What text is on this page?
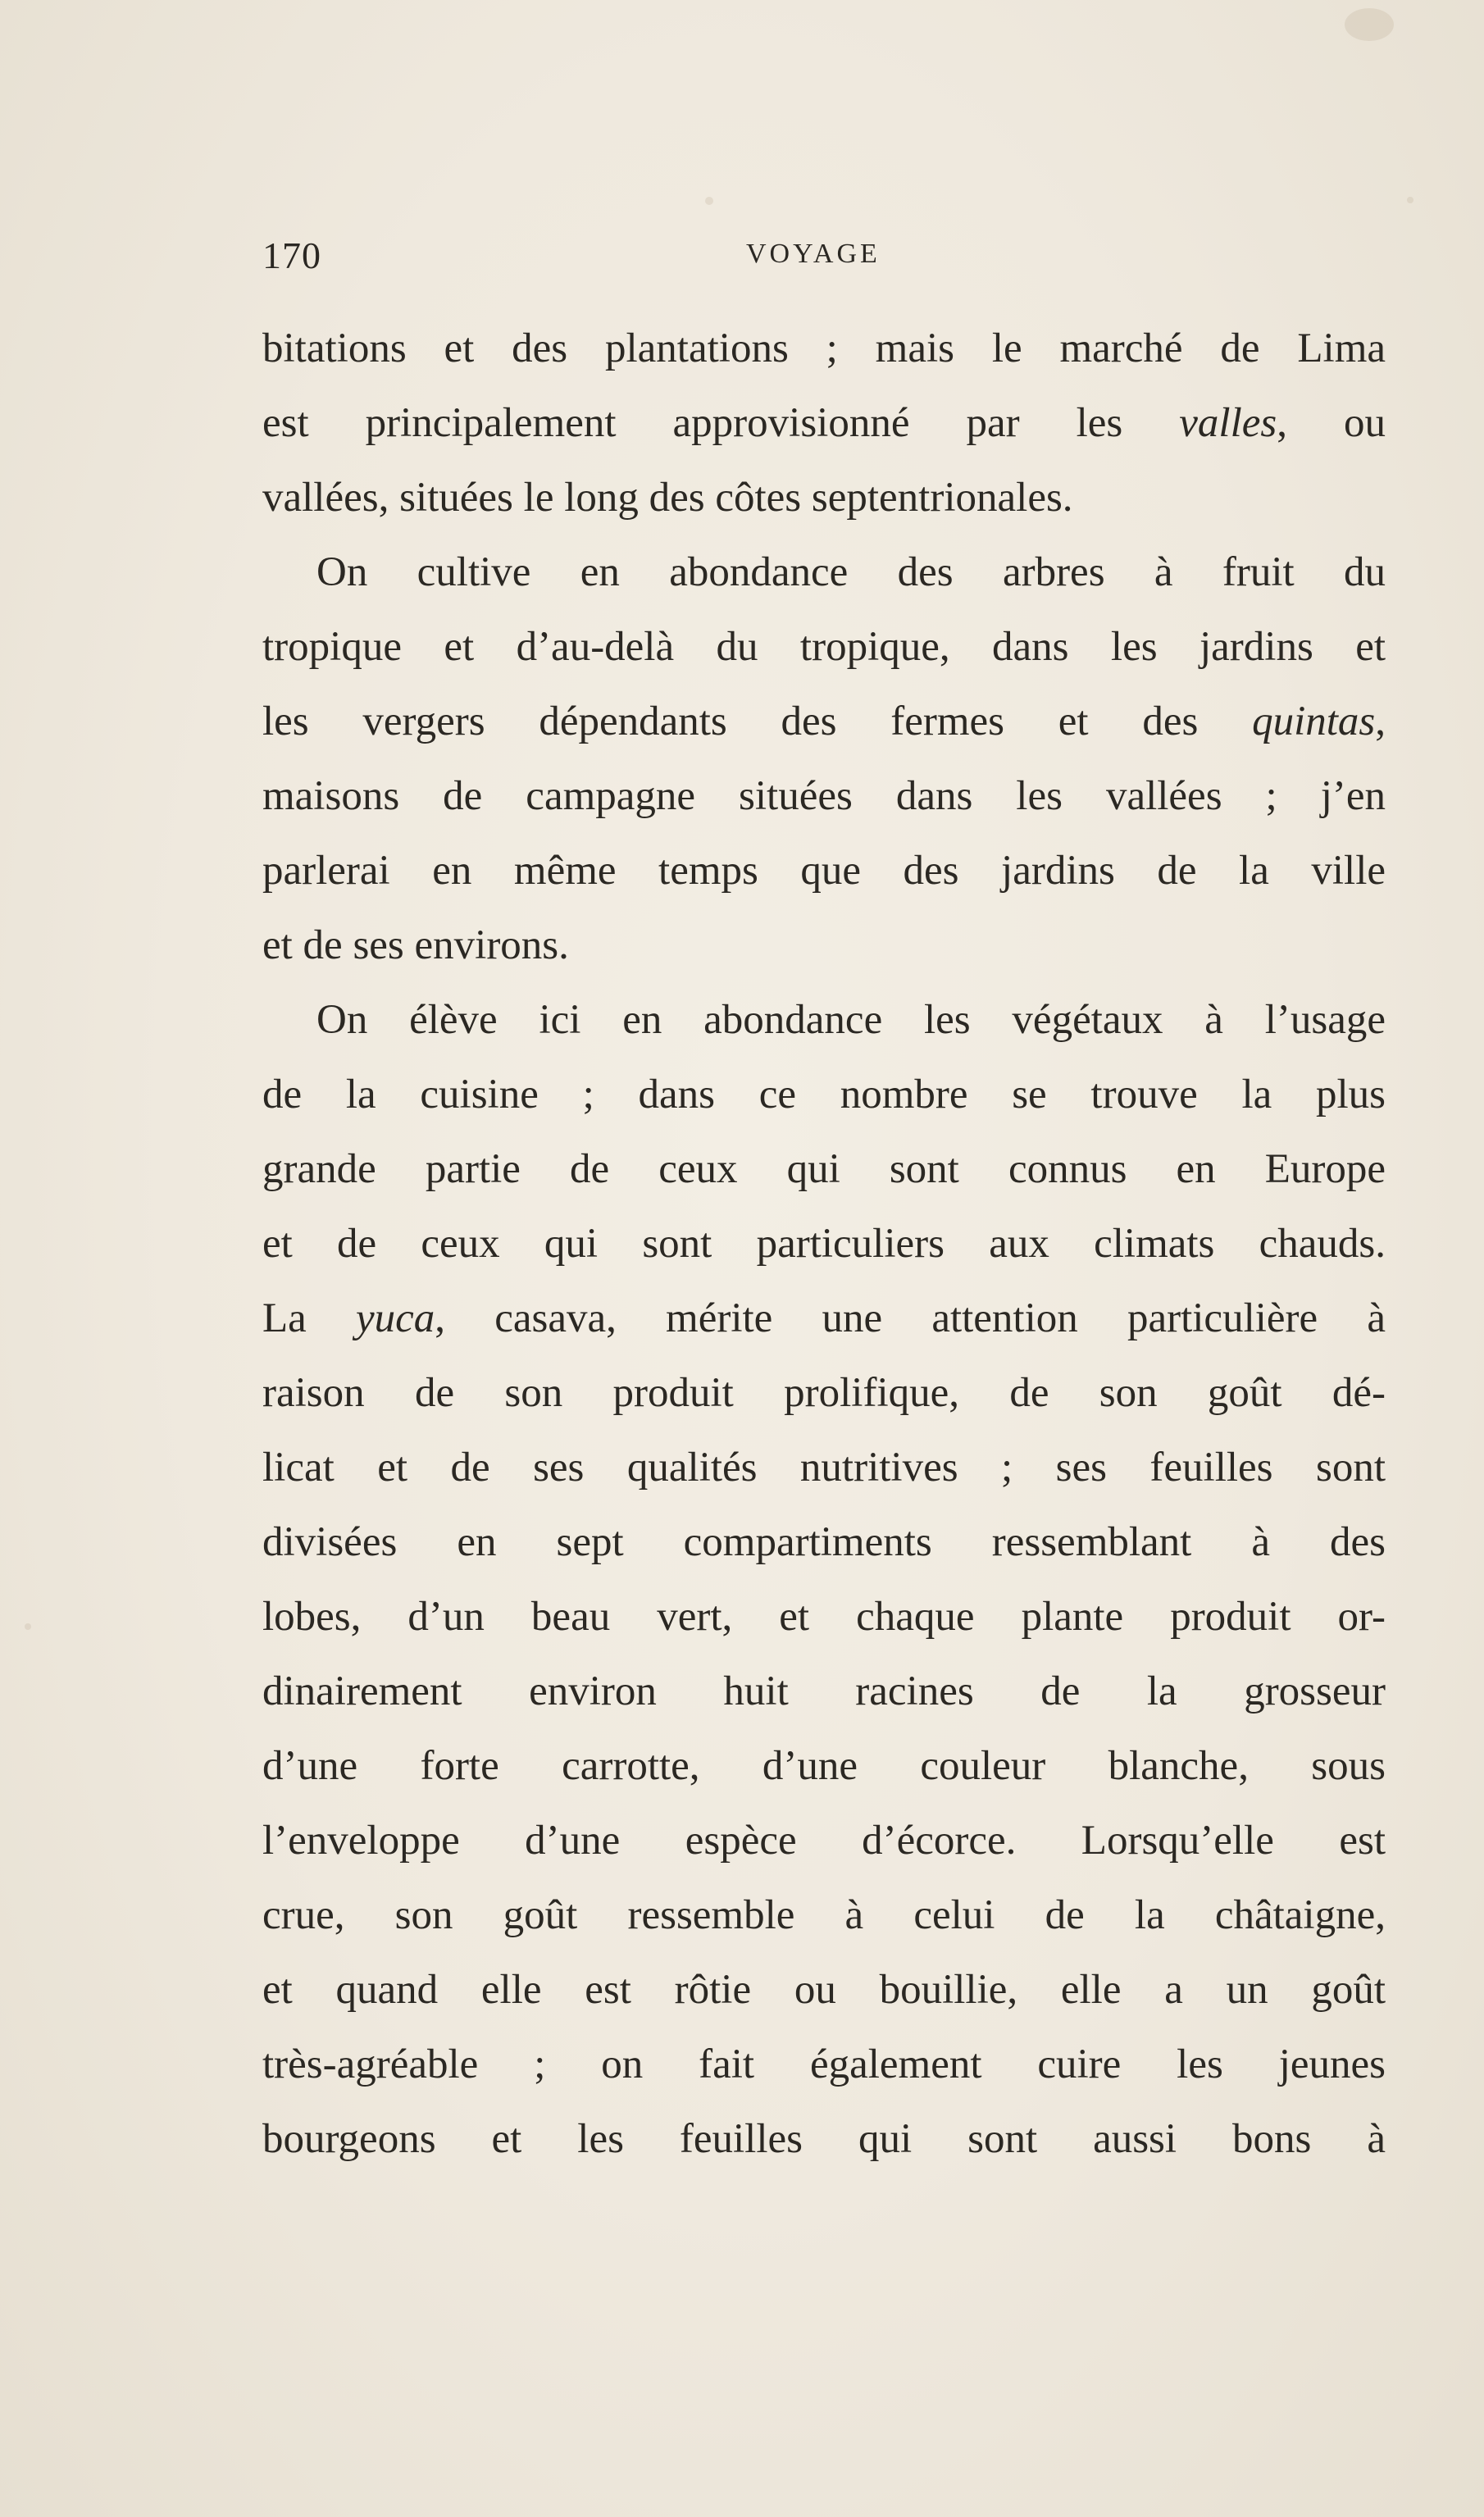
170	VOYAGE
bitations et des plantations ; mais le marché de Lima
est principalement approvisionné par les valles, ou
vallées, situées le long des côtes septentrionales.
On cultive en abondance des arbres à fruit du
tropique et d’au-delà du tropique, dans les jardins et
les vergers dépendants des fermes et des quintas,
maisons de campagne situées dans les vallées ; j’en
parlerai en même temps que des jardins de la ville
et de ses environs.
On élève ici en abondance les végétaux à l’usage
de la cuisine ; dans ce nombre se trouve la plus
grande partie de ceux qui sont connus en Europe
et de ceux qui sont particuliers aux climats chauds.
La yuca, casava, mérite une attention particulière à
raison de son produit prolifique, de son goût dé-
licat et de ses qualités nutritives ; ses feuilles sont
divisées en sept compartiments ressemblant à des
lobes, d’un beau vert, et chaque plante produit or-
dinairement environ huit racines de la grosseur
d’une forte carrotte, d’une couleur blanche, sous
l’enveloppe d’une espèce d’écorce. Lorsqu’elle est
crue, son goût ressemble à celui de la châtaigne,
et quand elle est rôtie ou bouillie, elle a un goût
très-agréable ; on fait également cuire les jeunes
bourgeons et les feuilles qui sont aussi bons à
